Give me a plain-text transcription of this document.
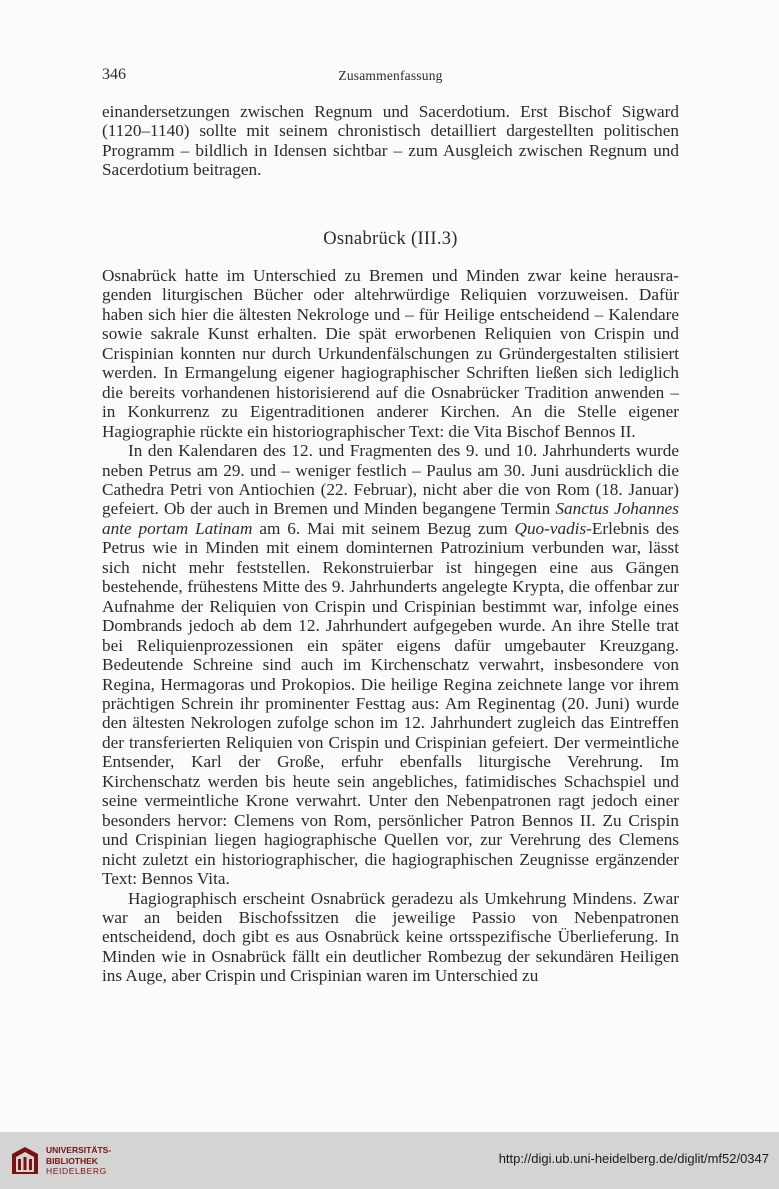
346	Zusammenfassung

einandersetzungen zwischen Regnum und Sacerdotium. Erst Bischof Sigward (1120–1140) sollte mit seinem chronistisch detailliert dargestellten politischen Programm – bildlich in Idensen sichtbar – zum Ausgleich zwischen Regnum und Sacerdotium beitragen.

Osnabrück (III.3)

Osnabrück hatte im Unterschied zu Bremen und Minden zwar keine herausragenden liturgischen Bücher oder altehrwürdige Reliquien vorzuweisen. Dafür haben sich hier die ältesten Nekrologe und – für Heilige entscheidend – Kalendare sowie sakrale Kunst erhalten. Die spät erworbenen Reliquien von Crispin und Crispinian konnten nur durch Urkundenfälschungen zu Gründergestalten stilisiert werden. In Ermangelung eigener hagiographischer Schriften ließen sich lediglich die bereits vorhandenen historisierend auf die Osnabrücker Tradition anwenden – in Konkurrenz zu Eigentraditionen anderer Kirchen. An die Stelle eigener Hagiographie rückte ein historiographischer Text: die Vita Bischof Bennos II.

In den Kalendaren des 12. und Fragmenten des 9. und 10. Jahrhunderts wurde neben Petrus am 29. und – weniger festlich – Paulus am 30. Juni ausdrücklich die Cathedra Petri von Antiochien (22. Februar), nicht aber die von Rom (18. Januar) gefeiert. Ob der auch in Bremen und Minden begangene Termin Sanctus Johannes ante portam Latinam am 6. Mai mit seinem Bezug zum Quo-vadis-Erlebnis des Petrus wie in Minden mit einem dominternen Patrozinium verbunden war, lässt sich nicht mehr feststellen. Rekonstruierbar ist hingegen eine aus Gängen bestehende, frühestens Mitte des 9. Jahrhunderts angelegte Krypta, die offenbar zur Aufnahme der Reliquien von Crispin und Crispinian bestimmt war, infolge eines Dombrands jedoch ab dem 12. Jahrhundert aufgegeben wurde. An ihre Stelle trat bei Reliquienprozessionen ein später eigens dafür umgebauter Kreuzgang. Bedeutende Schreine sind auch im Kirchenschatz verwahrt, insbesondere von Regina, Hermagoras und Prokopios. Die heilige Regina zeichnete lange vor ihrem prächtigen Schrein ihr prominenter Festtag aus: Am Reginentag (20. Juni) wurde den ältesten Nekrologen zufolge schon im 12. Jahrhundert zugleich das Eintreffen der transferierten Reliquien von Crispin und Crispinian gefeiert. Der vermeintliche Entsender, Karl der Große, erfuhr ebenfalls liturgische Verehrung. Im Kirchenschatz werden bis heute sein angebliches, fatimidisches Schachspiel und seine vermeintliche Krone verwahrt. Unter den Nebenpatronen ragt jedoch einer besonders hervor: Clemens von Rom, persönlicher Patron Bennos II. Zu Crispin und Crispinian liegen hagiographische Quellen vor, zur Verehrung des Clemens nicht zuletzt ein historiographischer, die hagiographischen Zeugnisse ergänzender Text: Bennos Vita.

Hagiographisch erscheint Osnabrück geradezu als Umkehrung Mindens. Zwar war an beiden Bischofssitzen die jeweilige Passio von Nebenpatronen entscheidend, doch gibt es aus Osnabrück keine ortsspezifische Überlieferung. In Minden wie in Osnabrück fällt ein deutlicher Rombezug der sekundären Heiligen ins Auge, aber Crispin und Crispinian waren im Unterschied zu

UNIVERSITÄTS-
BIBLIOTHEK
HEIDELBERG
http://digi.ub.uni-heidelberg.de/diglit/mf52/0347
